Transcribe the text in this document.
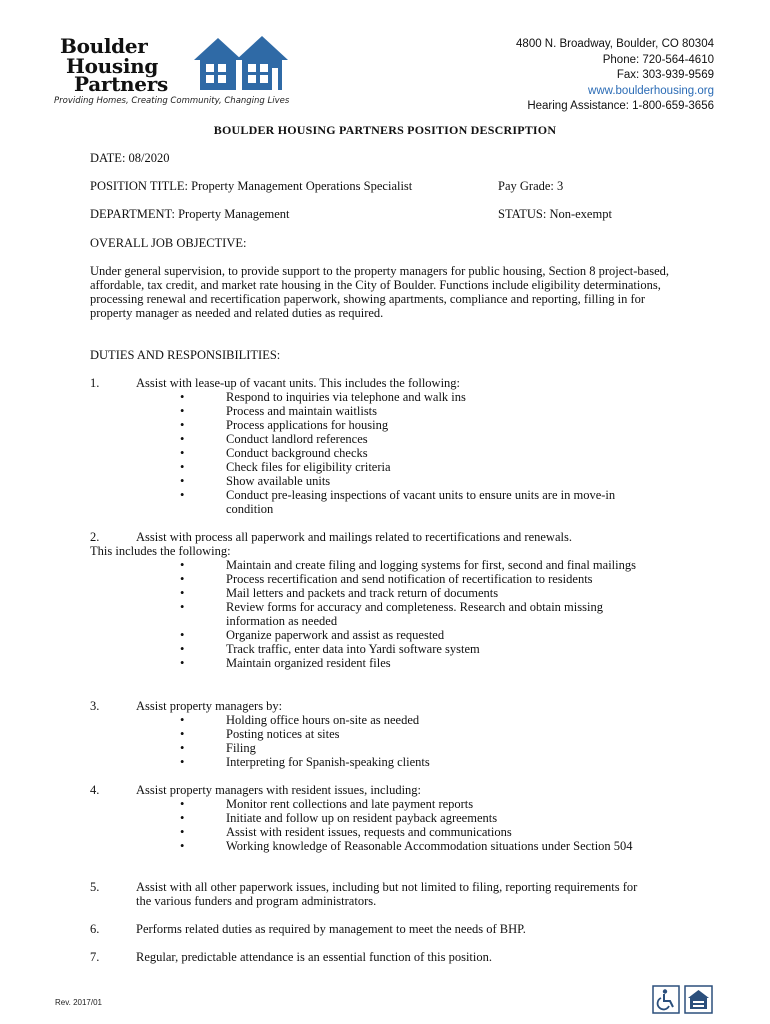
Boulder
Housing
Partners
Providing Homes, Creating Community, Changing Lives
4800 N. Broadway, Boulder, CO 80304
Phone: 720-564-4610
Fax: 303-939-9569
www.boulderhousing.org
Hearing Assistance: 1-800-659-3656
BOULDER HOUSING PARTNERS POSITION DESCRIPTION
DATE: 08/2020
POSITION TITLE: Property Management Operations Specialist	Pay Grade: 3
DEPARTMENT: Property Management	STATUS: Non-exempt
OVERALL JOB OBJECTIVE:
Under general supervision, to provide support to the property managers for public housing, Section 8 project-based, affordable, tax credit, and market rate housing in the City of Boulder. Functions include eligibility determinations, processing renewal and recertification paperwork, showing apartments, compliance and reporting, filling in for property manager as needed and related duties as required.
DUTIES AND RESPONSIBILITIES:
1.	Assist with lease-up of vacant units. This includes the following:
•	Respond to inquiries via telephone and walk ins
•	Process and maintain waitlists
•	Process applications for housing
•	Conduct landlord references
•	Conduct background checks
•	Check files for eligibility criteria
•	Show available units
•	Conduct pre-leasing inspections of vacant units to ensure units are in move-in condition
2.	Assist with process all paperwork and mailings related to recertifications and renewals.
This includes the following:
•	Maintain and create filing and logging systems for first, second and final mailings
•	Process recertification and send notification of recertification to residents
•	Mail letters and packets and track return of documents
•	Review forms for accuracy and completeness. Research and obtain missing information as needed
•	Organize paperwork and assist as requested
•	Track traffic, enter data into Yardi software system
•	Maintain organized resident files
3.	Assist property managers by:
•	Holding office hours on-site as needed
•	Posting notices at sites
•	Filing
•	Interpreting for Spanish-speaking clients
4.	Assist property managers with resident issues, including:
•	Monitor rent collections and late payment reports
•	Initiate and follow up on resident payback agreements
•	Assist with resident issues, requests and communications
•	Working knowledge of Reasonable Accommodation situations under Section 504
5.	Assist with all other paperwork issues, including but not limited to filing, reporting requirements for the various funders and program administrators.
6.	Performs related duties as required by management to meet the needs of BHP.
7.	Regular, predictable attendance is an essential function of this position.
Rev. 2017/01
